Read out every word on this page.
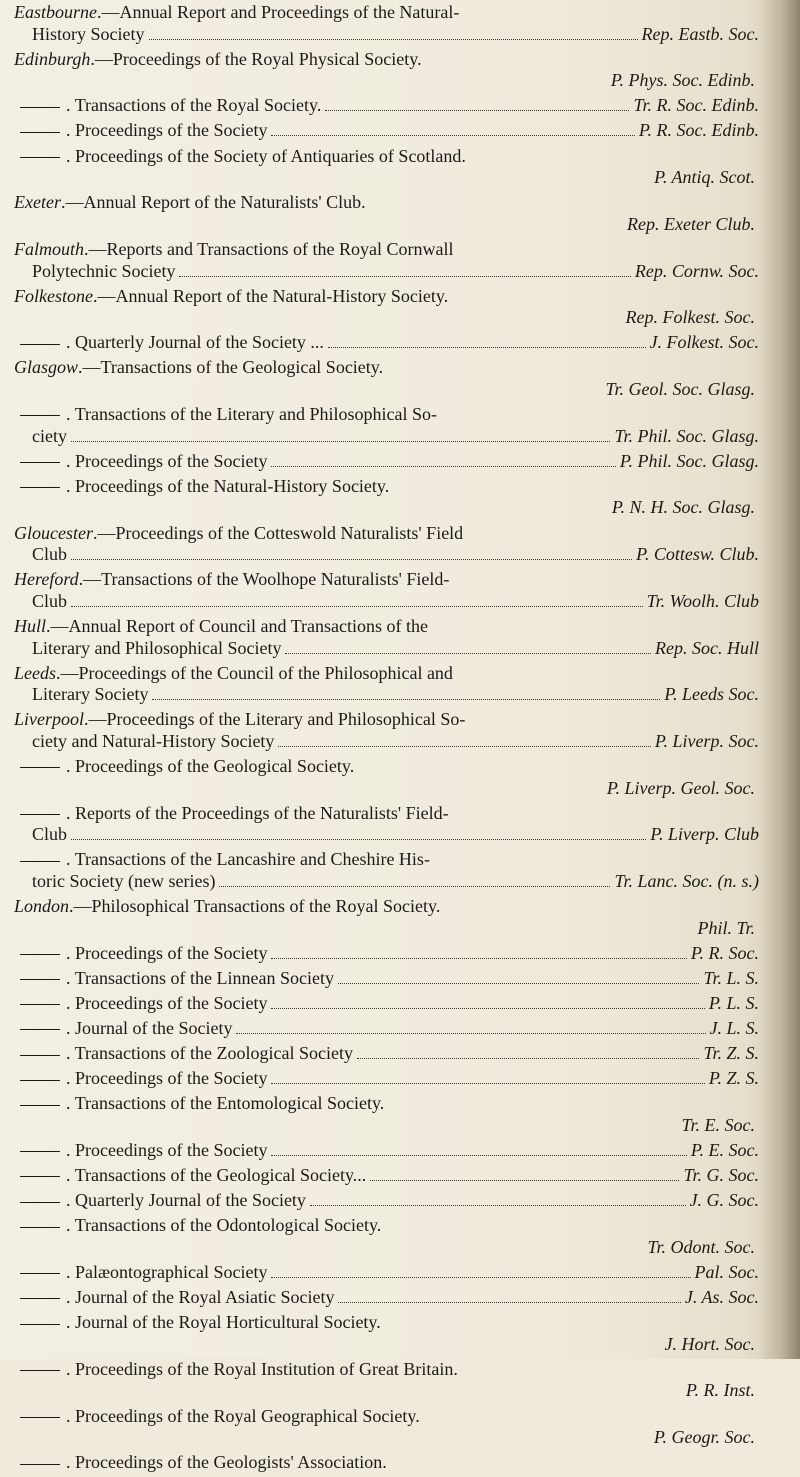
Eastbourne.—Annual Report and Proceedings of the Natural-
History Society	Rep. Eastb. Soc.
Edinburgh.—Proceedings of the Royal Physical Society.
P. Phys. Soc. Edinb.
. Transactions of the Royal Society.	Tr. R. Soc. Edinb.
. Proceedings of the Society	P. R. Soc. Edinb.
. Proceedings of the Society of Antiquaries of Scotland.
P. Antiq. Scot.
Exeter.—Annual Report of the Naturalists' Club.
Rep. Exeter Club.
Falmouth.—Reports and Transactions of the Royal Cornwall
Polytechnic Society	Rep. Cornw. Soc.
Folkestone.—Annual Report of the Natural-History Society.
Rep. Folkest. Soc.
. Quarterly Journal of the Society ...	J. Folkest. Soc.
Glasgow.—Transactions of the Geological Society.
Tr. Geol. Soc. Glasg.
. Transactions of the Literary and Philosophical So-
ciety	Tr. Phil. Soc. Glasg.
. Proceedings of the Society	P. Phil. Soc. Glasg.
. Proceedings of the Natural-History Society.
P. N. H. Soc. Glasg.
Gloucester.—Proceedings of the Cotteswold Naturalists' Field
Club	P. Cottesw. Club.
Hereford.—Transactions of the Woolhope Naturalists' Field-
Club	Tr. Woolh. Club
Hull.—Annual Report of Council and Transactions of the
Literary and Philosophical Society	Rep. Soc. Hull
Leeds.—Proceedings of the Council of the Philosophical and
Literary Society	P. Leeds Soc.
Liverpool.—Proceedings of the Literary and Philosophical So-
ciety and Natural-History Society	P. Liverp. Soc.
. Proceedings of the Geological Society.
P. Liverp. Geol. Soc.
. Reports of the Proceedings of the Naturalists' Field-
Club	P. Liverp. Club
. Transactions of the Lancashire and Cheshire His-
toric Society (new series)	Tr. Lanc. Soc. (n. s.)
London.—Philosophical Transactions of the Royal Society.
Phil. Tr.
. Proceedings of the Society	P. R. Soc.
. Transactions of the Linnean Society	Tr. L. S.
. Proceedings of the Society	P. L. S.
. Journal of the Society	J. L. S.
. Transactions of the Zoological Society	Tr. Z. S.
. Proceedings of the Society	P. Z. S.
. Transactions of the Entomological Society.
Tr. E. Soc.
. Proceedings of the Society	P. E. Soc.
. Transactions of the Geological Society...	Tr. G. Soc.
. Quarterly Journal of the Society	J. G. Soc.
. Transactions of the Odontological Society.
Tr. Odont. Soc.
. Palæontographical Society	Pal. Soc.
. Journal of the Royal Asiatic Society	J. As. Soc.
. Journal of the Royal Horticultural Society.
J. Hort. Soc.
. Proceedings of the Royal Institution of Great Britain.
P. R. Inst.
. Proceedings of the Royal Geographical Society.
P. Geogr. Soc.
. Proceedings of the Geologists' Association.
